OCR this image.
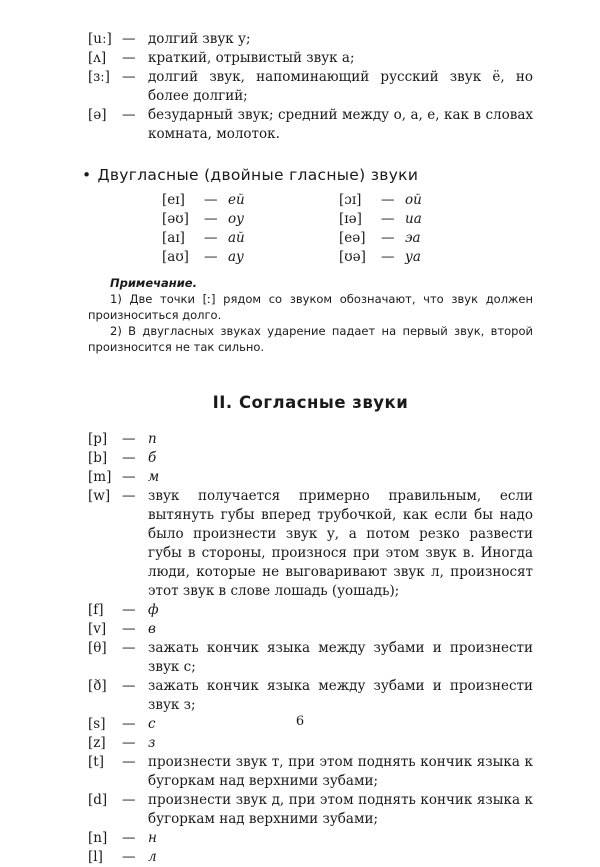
[uː] — долгий звук у;
[ʌ]	— краткий, отрывистый звук а;
[ɜː] — долгий звук, напоминающий русский звук ё, но более долгий;
[ə]	— безударный звук; средний между о, а, е, как в словах комната, молоток.
• Двугласные (двойные гласные) звуки
[eɪ]	— ей
[əʊ]	— оу
[aɪ]	— ай
[aʊ]	— ау
[ɔɪ]	— ой
[ɪə]	— иа
[eə]	— эа
[ʊə]	— уа
Примечание.

1) Две точки [ː] рядом со звуком обозначают, что звук должен произноситься долго.

2) В двугласных звуках ударение падает на первый звук, второй произносится не так сильно.

II. Согласные звуки
[p]	— п
[b]	— б
[m] — м
[w] — звук получается примерно правильным, если вытянуть губы вперед трубочкой, как если бы надо было произнести звук у, а потом резко развести губы в стороны, произнося при этом звук в. Иногда люди, которые не выговаривают звук л, произносят этот звук в слове лошадь (уошадь);
[f]	— ф
[v]	— в
[θ]	— зажать кончик языка между зубами и произнести звук с;
[ð]	— зажать кончик языка между зубами и произнести звук з;
[s]	— с
[z]	— з
[t]	— произнести звук т, при этом поднять кончик языка к бугоркам над верхними зубами;
[d]	— произнести звук д, при этом поднять кончик языка к бугоркам над верхними зубами;
[n]	— н
[l]	— л
6
